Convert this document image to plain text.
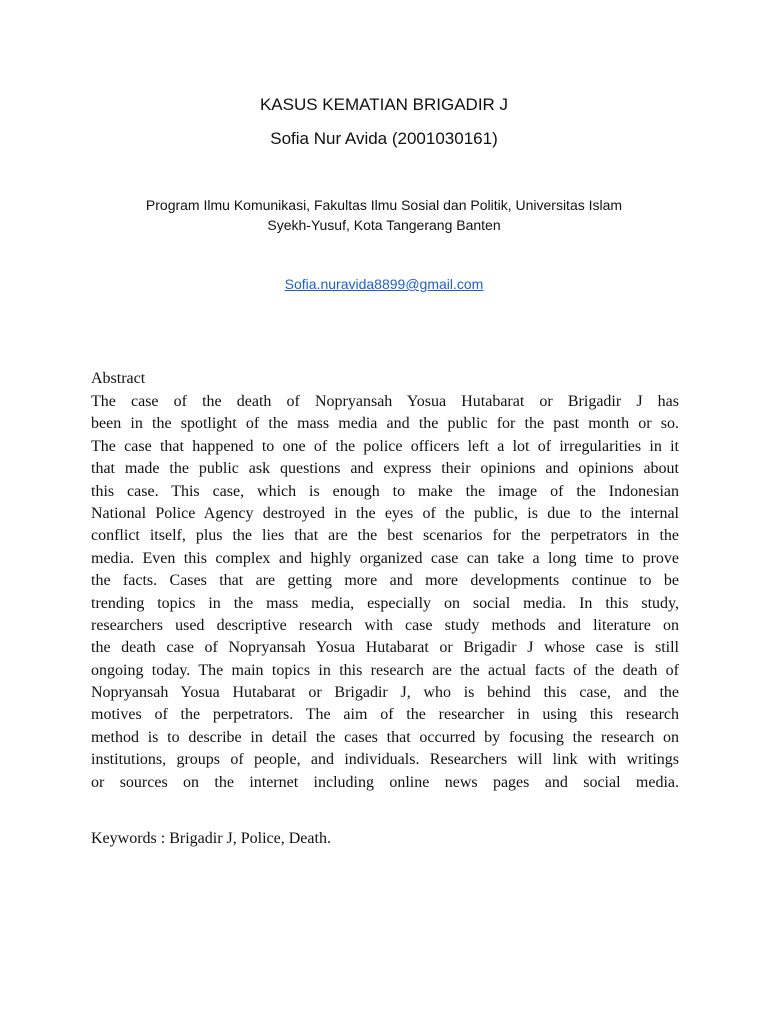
KASUS KEMATIAN BRIGADIR J
Sofia Nur Avida (2001030161)
Program Ilmu Komunikasi, Fakultas Ilmu Sosial dan Politik, Universitas Islam
Syekh-Yusuf, Kota Tangerang Banten
Sofia.nuravida8899@gmail.com
Abstract
The case of the death of Nopryansah Yosua Hutabarat or Brigadir J has
been in the spotlight of the mass media and the public for the past month or so.
The case that happened to one of the police officers left a lot of irregularities in it
that made the public ask questions and express their opinions and opinions about
this case. This case, which is enough to make the image of the Indonesian
National Police Agency destroyed in the eyes of the public, is due to the internal
conflict itself, plus the lies that are the best scenarios for the perpetrators in the
media. Even this complex and highly organized case can take a long time to prove
the facts. Cases that are getting more and more developments continue to be
trending topics in the mass media, especially on social media. In this study,
researchers used descriptive research with case study methods and literature on
the death case of Nopryansah Yosua Hutabarat or Brigadir J whose case is still
ongoing today. The main topics in this research are the actual facts of the death of
Nopryansah Yosua Hutabarat or Brigadir J, who is behind this case, and the
motives of the perpetrators. The aim of the researcher in using this research
method is to describe in detail the cases that occurred by focusing the research on
institutions, groups of people, and individuals. Researchers will link with writings
or sources on the internet including online news pages and social media.
Keywords : Brigadir J, Police, Death.
